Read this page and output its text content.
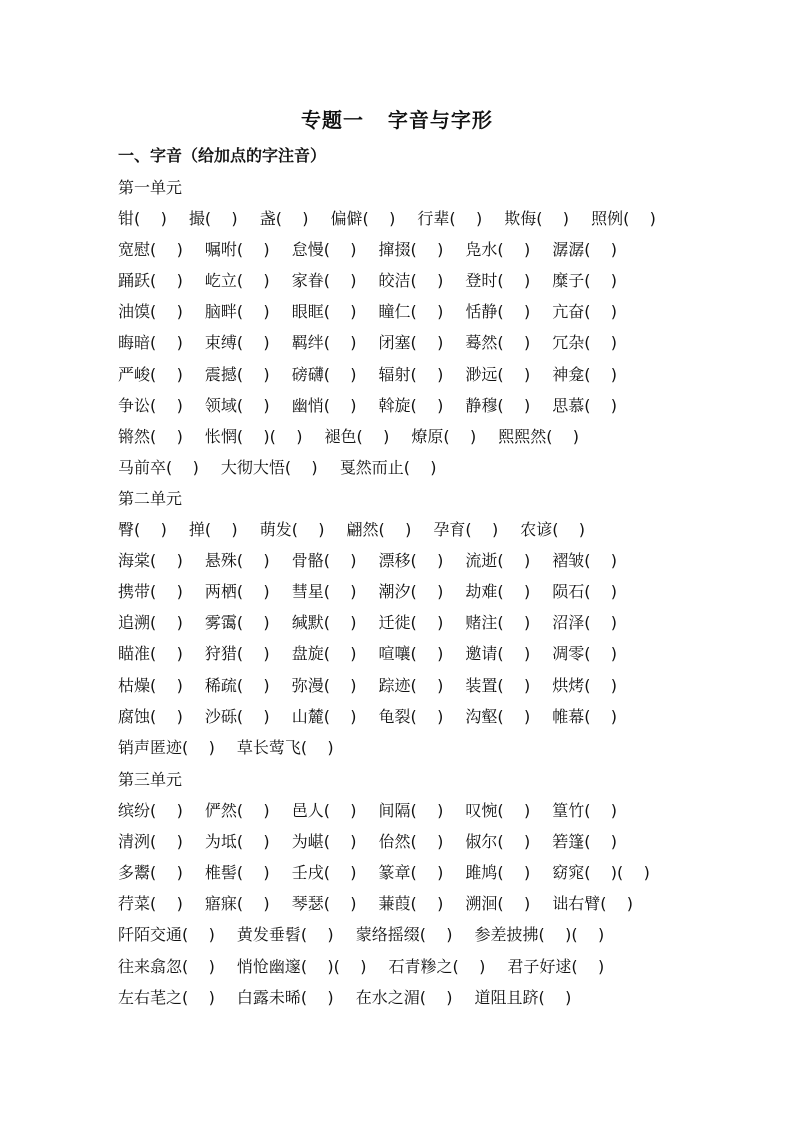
专题一   字音与字形
一、字音（给加点的字注音）
第一单元
钳(    ) 撮(    ) 盏(    ) 偏僻(    ) 行辈(    ) 欺侮(    ) 照例(    )
宽慰(    ) 嘱咐(    ) 怠慢(    ) 撺掇(    ) 凫水(    ) 潺潺(    )
踊跃(    ) 屹立(    ) 家眷(    ) 皎洁(    ) 登时(    ) 糜子(    )
油馍(    ) 脑畔(    ) 眼眶(    ) 瞳仁(    ) 恬静(    ) 亢奋(    )
晦暗(    ) 束缚(    ) 羁绊(    ) 闭塞(    ) 蓦然(    ) 冗杂(    )
严峻(    ) 震撼(    ) 磅礴(    ) 辐射(    ) 渺远(    ) 神龛(    )
争讼(    ) 领域(    ) 幽悄(    ) 斡旋(    ) 静穆(    ) 思慕(    )
锵然(    ) 怅惘(    )(    ) 褪色(    ) 燎原(    ) 熙熙然(    )
马前卒(    ) 大彻大悟(    ) 戛然而止(    )
第二单元
臀(    ) 掸(    ) 萌发(    ) 翩然(    ) 孕育(    ) 农谚(    )
海棠(    ) 悬殊(    ) 骨骼(    ) 漂移(    ) 流逝(    ) 褶皱(    )
携带(    ) 两栖(    ) 彗星(    ) 潮汐(    ) 劫难(    ) 陨石(    )
追溯(    ) 雾霭(    ) 缄默(    ) 迁徙(    ) 赌注(    ) 沼泽(    )
瞄准(    ) 狩猎(    ) 盘旋(    ) 喧嚷(    ) 邀请(    ) 凋零(    )
枯燥(    ) 稀疏(    ) 弥漫(    ) 踪迹(    ) 装置(    ) 烘烤(    )
腐蚀(    ) 沙砾(    ) 山麓(    ) 龟裂(    ) 沟壑(    ) 帷幕(    )
销声匿迹(    ) 草长莺飞(    )
第三单元
缤纷(    ) 俨然(    ) 邑人(    ) 间隔(    ) 叹惋(    ) 篁竹(    )
清洌(    ) 为坻(    ) 为嵁(    ) 佁然(    ) 俶尔(    ) 箬篷(    )
多鬻(    ) 椎髻(    ) 壬戌(    ) 篆章(    ) 雎鸠(    ) 窈窕(    )(    )
荇菜(    ) 寤寐(    ) 琴瑟(    ) 蒹葭(    ) 溯洄(    ) 诎右臂(    )
阡陌交通(    ) 黄发垂髫(    ) 蒙络摇缀(    ) 参差披拂(    )(    )
往来翕忽(    ) 悄怆幽邃(    )(    ) 石青糁之(    ) 君子好逑(    )
左右芼之(    ) 白露未晞(    ) 在水之湄(    ) 道阻且跻(    )
